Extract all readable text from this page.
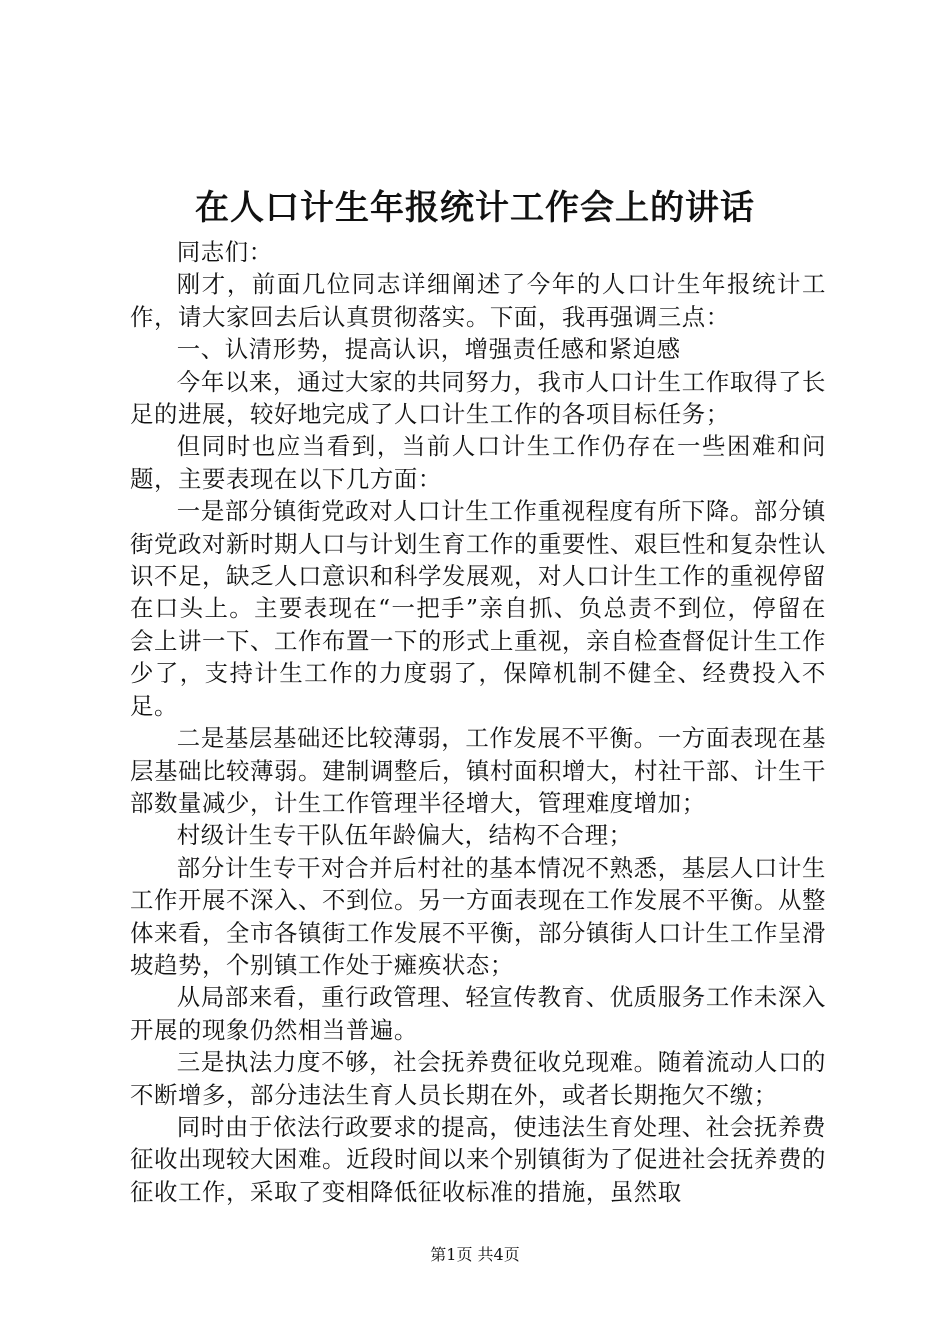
在人口计生年报统计工作会上的讲话

同志们：

刚才，前面几位同志详细阐述了今年的人口计生年报统计工作，请大家回去后认真贯彻落实。下面，我再强调三点：

一、认清形势，提高认识，增强责任感和紧迫感

今年以来，通过大家的共同努力，我市人口计生工作取得了长足的进展，较好地完成了人口计生工作的各项目标任务；

但同时也应当看到，当前人口计生工作仍存在一些困难和问题，主要表现在以下几方面：

一是部分镇街党政对人口计生工作重视程度有所下降。部分镇街党政对新时期人口与计划生育工作的重要性、艰巨性和复杂性认识不足，缺乏人口意识和科学发展观，对人口计生工作的重视停留在口头上。主要表现在“一把手”亲自抓、负总责不到位，停留在会上讲一下、工作布置一下的形式上重视，亲自检查督促计生工作少了，支持计生工作的力度弱了，保障机制不健全、经费投入不足。

二是基层基础还比较薄弱，工作发展不平衡。一方面表现在基层基础比较薄弱。建制调整后，镇村面积增大，村社干部、计生干部数量减少，计生工作管理半径增大，管理难度增加；

村级计生专干队伍年龄偏大，结构不合理；

部分计生专干对合并后村社的基本情况不熟悉，基层人口计生工作开展不深入、不到位。另一方面表现在工作发展不平衡。从整体来看，全市各镇街工作发展不平衡，部分镇街人口计生工作呈滑坡趋势，个别镇工作处于瘫痪状态；

从局部来看，重行政管理、轻宣传教育、优质服务工作未深入开展的现象仍然相当普遍。

三是执法力度不够，社会抚养费征收兑现难。随着流动人口的不断增多，部分违法生育人员长期在外，或者长期拖欠不缴；

同时由于依法行政要求的提高，使违法生育处理、社会抚养费征收出现较大困难。近段时间以来个别镇街为了促进社会抚养费的征收工作，采取了变相降低征收标准的措施，虽然取

第1页 共4页
